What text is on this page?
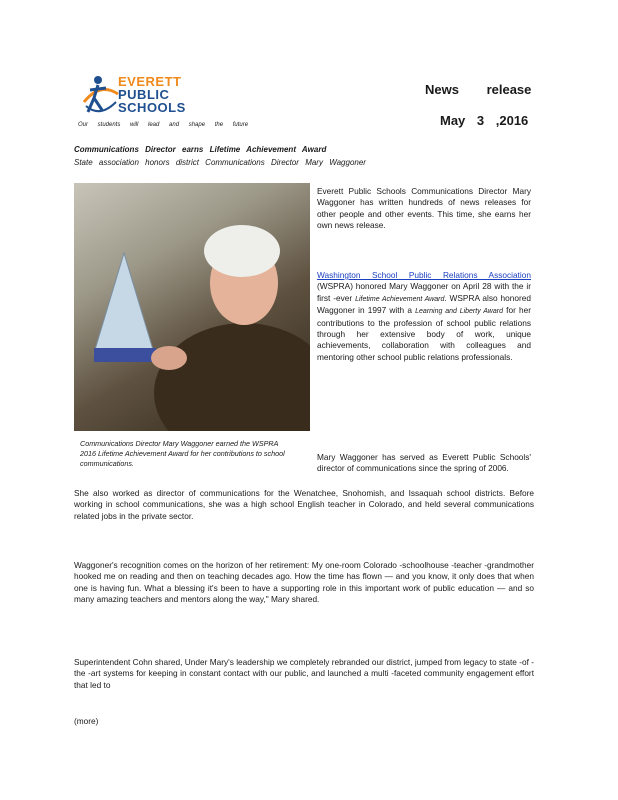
EVERETT
PUBLIC
SCHOOLS
Our students will lead and shape the future
News release
May 3 ,2016
Communications Director earns Lifetime Achievement Award
State association honors district Communications Director Mary Waggoner
Communications Director Mary Waggoner earned the WSPRA 2016 Lifetime Achievement Award for her contributions to school communications.
Everett Public Schools Communications Director Mary Waggoner has written hundreds of news releases for other people and other events. This time, she earns her own news release.
Washington School Public Relations Association (WSPRA) honored Mary Waggoner on April 28 with the ir first -ever Lifetime Achievement Award. WSPRA also honored Waggoner in 1997 with a Learning and Liberty Award for her contributions to the profession of school public relations through her extensive body of work, unique achievements, collaboration with colleagues and mentoring other school public relations professionals.
Mary Waggoner has served as Everett Public Schools' director of communications since the spring of 2006.
She also worked as director of communications for the Wenatchee, Snohomish, and Issaquah school districts. Before working in school communications, she was a high school English teacher in Colorado, and held several communications related jobs in the private sector.
Waggoner's recognition comes on the horizon of her retirement: My one-room Colorado -schoolhouse -teacher -grandmother hooked me on reading and then on teaching decades ago. How the time has flown — and you know, it only does that when one is having fun. What a blessing it's been to have a supporting role in this important work of public education — and so many amazing teachers and mentors along the way," Mary shared.
Superintendent Cohn shared, Under Mary's leadership we completely rebranded our district, jumped from legacy to state -of -the -art systems for keeping in constant contact with our public, and launched a multi -faceted community engagement effort that led to
(more)
